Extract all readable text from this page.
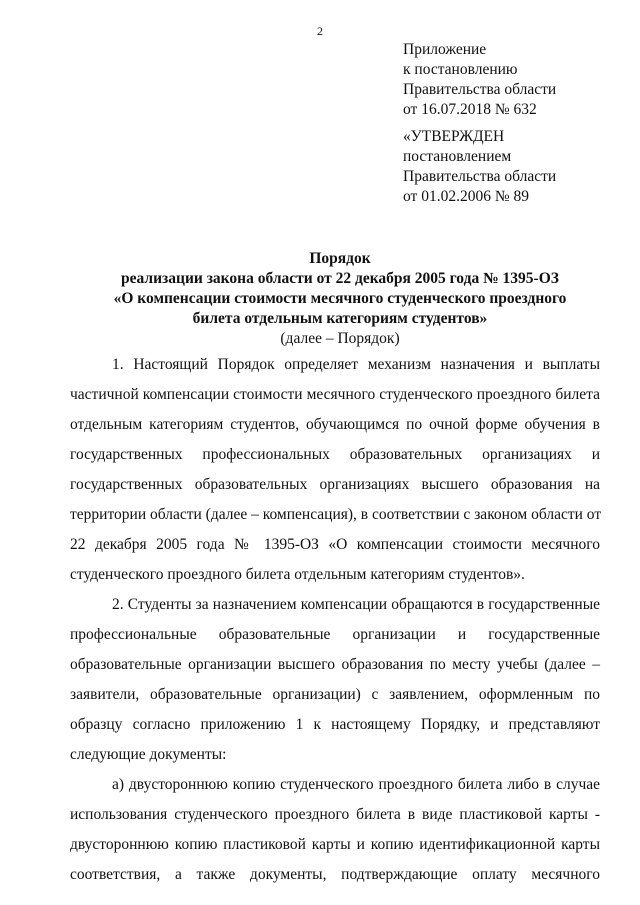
2
Приложение
к постановлению
Правительства области
от 16.07.2018 № 632
«УТВЕРЖДЕН
постановлением
Правительства области
от 01.02.2006 № 89
Порядок
реализации закона области от 22 декабря 2005 года № 1395-ОЗ
«О компенсации стоимости месячного студенческого проездного
билета отдельным категориям студентов»
(далее – Порядок)
1. Настоящий Порядок определяет механизм назначения и выплаты
частичной компенсации стоимости месячного студенческого проездного билета
отдельным категориям студентов, обучающимся по очной форме обучения в
государственных профессиональных образовательных организациях и
государственных образовательных организациях высшего образования на
территории области (далее – компенсация), в соответствии с законом области от
22 декабря 2005 года № 1395-ОЗ «О компенсации стоимости месячного
студенческого проездного билета отдельным категориям студентов».
2. Студенты за назначением компенсации обращаются в государственные
профессиональные образовательные организации и государственные
образовательные организации высшего образования по месту учебы (далее –
заявители, образовательные организации) с заявлением, оформленным по
образцу согласно приложению 1 к настоящему Порядку, и представляют
следующие документы:
а) двустороннюю копию студенческого проездного билета либо в случае
использования студенческого проездного билета в виде пластиковой карты -
двустороннюю копию пластиковой карты и копию идентификационной карты
соответствия, а также документы, подтверждающие оплату месячного
